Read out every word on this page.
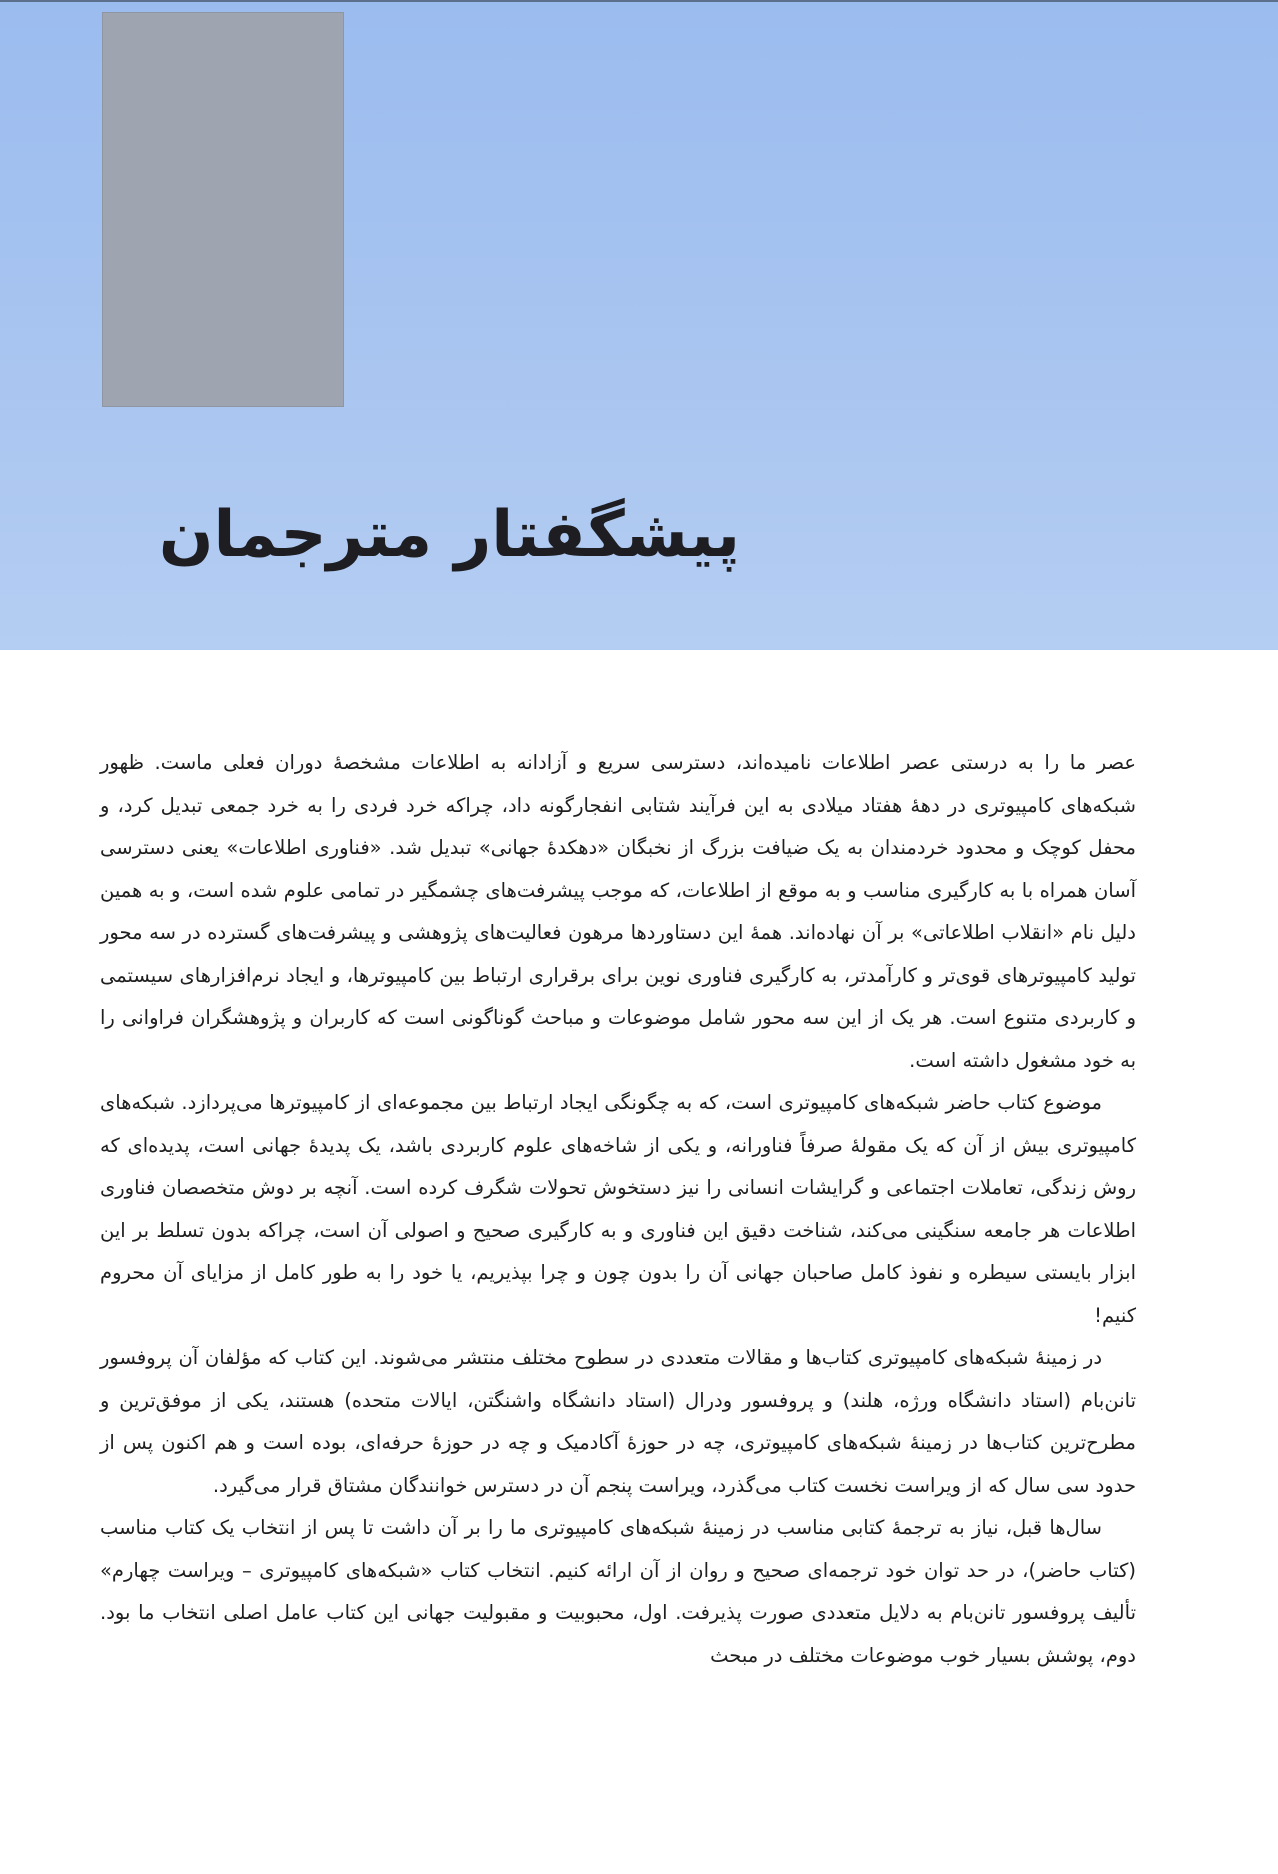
پیشگفتار مترجمان

عصر ما را به درستی عصر اطلاعات نامیده‌اند، دسترسی سریع و آزادانه به اطلاعات مشخصهٔ دوران فعلی ماست. ظهور شبکه‌های کامپیوتری در دههٔ هفتاد میلادی به این فرآیند شتابی انفجارگونه داد، چراکه خرد فردی را به خرد جمعی تبدیل کرد، و محفل کوچک و محدود خردمندان به یک ضیافت بزرگ از نخبگان «دهکدهٔ جهانی» تبدیل شد. «فناوری اطلاعات» یعنی دسترسی آسان همراه با به کارگیری مناسب و به موقع از اطلاعات، که موجب پیشرفت‌های چشمگیر در تمامی علوم شده است، و به همین دلیل نام «انقلاب اطلاعاتی» بر آن نهاده‌اند. همهٔ این دستاوردها مرهون فعالیت‌های پژوهشی و پیشرفت‌های گسترده در سه محور تولید کامپیوترهای قوی‌تر و کارآمدتر، به کارگیری فناوری نوین برای برقراری ارتباط بین کامپیوترها، و ایجاد نرم‌افزارهای سیستمی و کاربردی متنوع است. هر یک از این سه محور شامل موضوعات و مباحث گوناگونی است که کاربران و پژوهشگران فراوانی را به خود مشغول داشته است.

موضوع کتاب حاضر شبکه‌های کامپیوتری است، که به چگونگی ایجاد ارتباط بین مجموعه‌ای از کامپیوترها می‌پردازد. شبکه‌های کامپیوتری بیش از آن که یک مقولهٔ صرفاً فناورانه، و یکی از شاخه‌های علوم کاربردی باشد، یک پدیدهٔ جهانی است، پدیده‌ای که روش زندگی، تعاملات اجتماعی و گرایشات انسانی را نیز دستخوش تحولات شگرف کرده است. آنچه بر دوش متخصصان فناوری اطلاعات هر جامعه سنگینی می‌کند، شناخت دقیق این فناوری و به کارگیری صحیح و اصولی آن است، چراکه بدون تسلط بر این ابزار بایستی سیطره و نفوذ کامل صاحبان جهانی آن را بدون چون و چرا بپذیریم، یا خود را به طور کامل از مزایای آن محروم کنیم!

در زمینهٔ شبکه‌های کامپیوتری کتاب‌ها و مقالات متعددی در سطوح مختلف منتشر می‌شوند. این کتاب که مؤلفان آن پروفسور تانن‌بام (استاد دانشگاه ورژه، هلند) و پروفسور ودرال (استاد دانشگاه واشنگتن، ایالات متحده) هستند، یکی از موفق‌ترین و مطرح‌ترین کتاب‌ها در زمینهٔ شبکه‌های کامپیوتری، چه در حوزهٔ آکادمیک و چه در حوزهٔ حرفه‌ای، بوده است و هم اکنون پس از حدود سی سال که از ویراست نخست کتاب می‌گذرد، ویراست پنجم آن در دسترس خوانندگان مشتاق قرار می‌گیرد.

سال‌ها قبل، نیاز به ترجمهٔ کتابی مناسب در زمینهٔ شبکه‌های کامپیوتری ما را بر آن داشت تا پس از انتخاب یک کتاب مناسب (کتاب حاضر)، در حد توان خود ترجمه‌ای صحیح و روان از آن ارائه کنیم. انتخاب کتاب «شبکه‌های کامپیوتری – ویراست چهارم» تألیف پروفسور تانن‌بام به دلایل متعددی صورت پذیرفت. اول، محبوبیت و مقبولیت جهانی این کتاب عامل اصلی انتخاب ما بود. دوم، پوشش بسیار خوب موضوعات مختلف در مبحث
